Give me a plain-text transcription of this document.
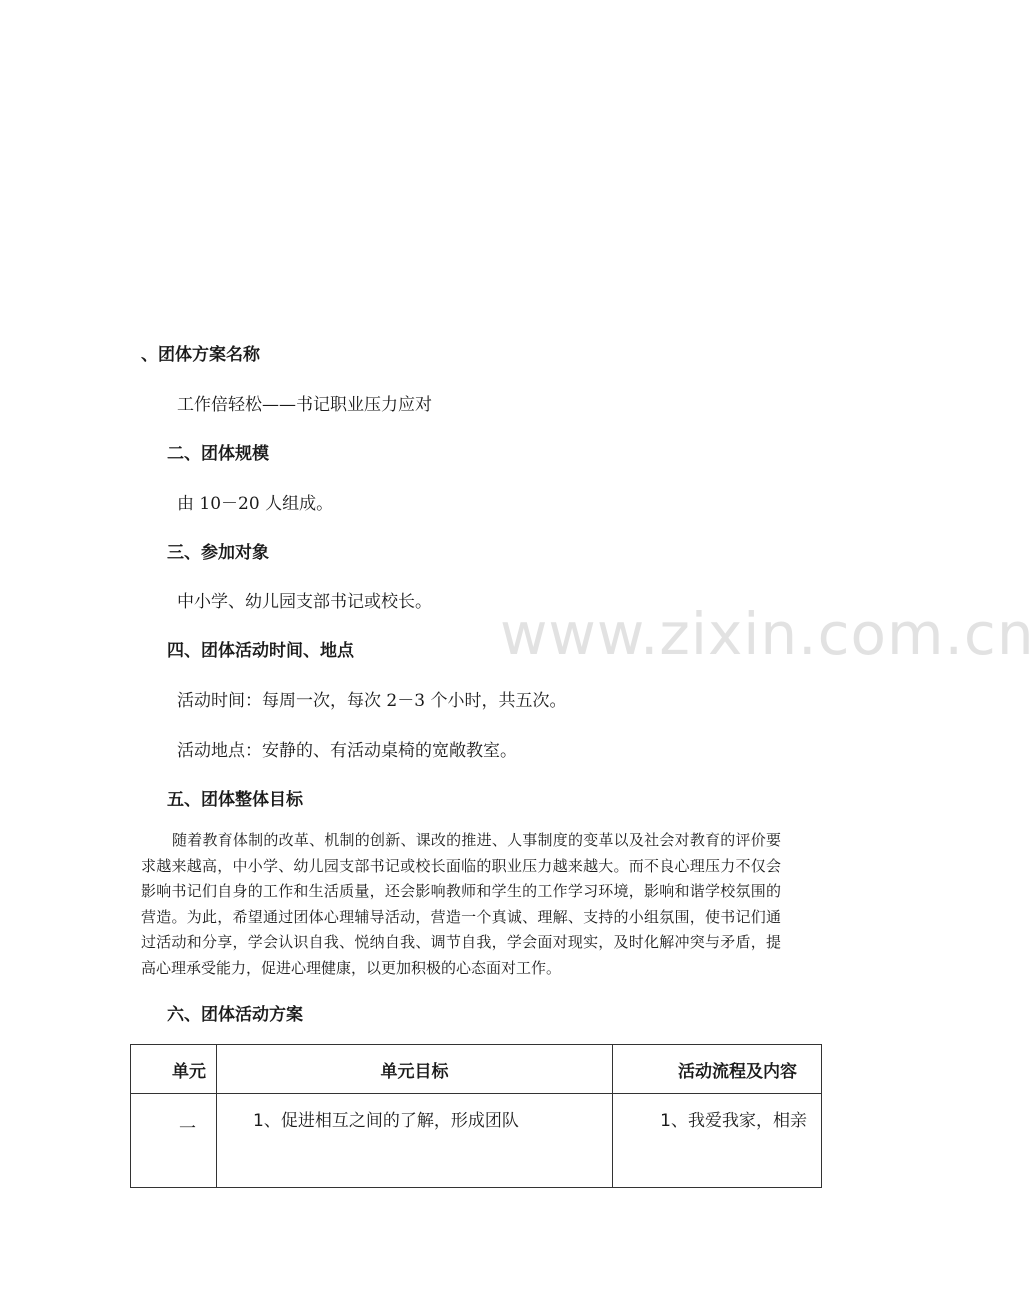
www.zixin.com.cn
、团体方案名称
工作倍轻松——书记职业压力应对
二、团体规模
由 10－20 人组成。
三、参加对象
中小学、幼儿园支部书记或校长。
四、团体活动时间、地点
活动时间：每周一次，每次 2－3 个小时，共五次。
活动地点：安静的、有活动桌椅的宽敞教室。
五、团体整体目标
随着教育体制的改革、机制的创新、课改的推进、人事制度的变革以及社会对教育的评价要求越来越高，中小学、幼儿园支部书记或校长面临的职业压力越来越大。而不良心理压力不仅会影响书记们自身的工作和生活质量，还会影响教师和学生的工作学习环境，影响和谐学校氛围的营造。为此，希望通过团体心理辅导活动，营造一个真诚、理解、支持的小组氛围，使书记们通过活动和分享，学会认识自我、悦纳自我、调节自我，学会面对现实，及时化解冲突与矛盾，提高心理承受能力，促进心理健康，以更加积极的心态面对工作。
六、团体活动方案
单元	单元目标	活动流程及内容
一	1、促进相互之间的了解，形成团队	1、我爱我家，相亲
